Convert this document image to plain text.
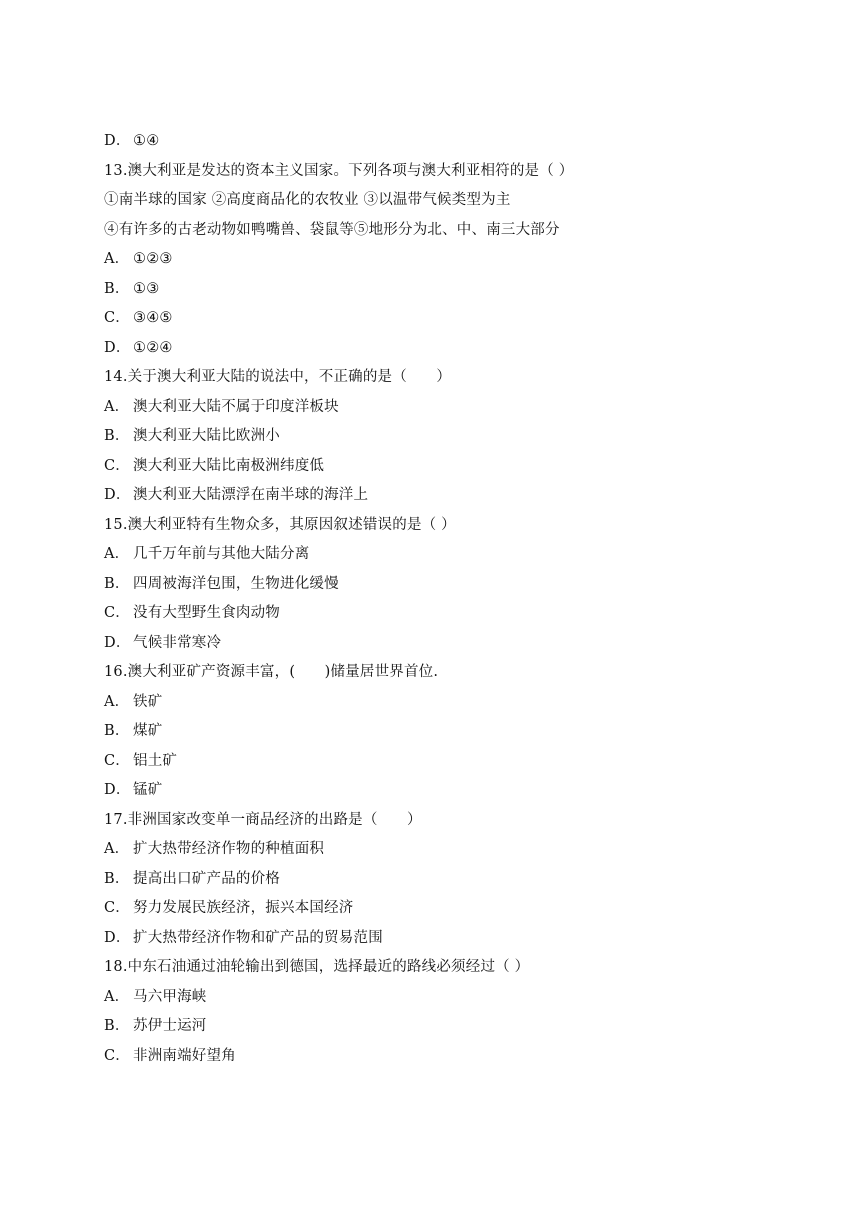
D． ①④
13.澳大利亚是发达的资本主义国家。下列各项与澳大利亚相符的是（ ）
①南半球的国家 ②高度商品化的农牧业 ③以温带气候类型为主
④有许多的古老动物如鸭嘴兽、袋鼠等⑤地形分为北、中、南三大部分
A． ①②③
B． ①③
C． ③④⑤
D． ①②④
14.关于澳大利亚大陆的说法中，不正确的是（　　）
A． 澳大利亚大陆不属于印度洋板块
B． 澳大利亚大陆比欧洲小
C． 澳大利亚大陆比南极洲纬度低
D． 澳大利亚大陆漂浮在南半球的海洋上
15.澳大利亚特有生物众多，其原因叙述错误的是（ ）
A． 几千万年前与其他大陆分离
B． 四周被海洋包围，生物进化缓慢
C． 没有大型野生食肉动物
D． 气候非常寒冷
16.澳大利亚矿产资源丰富，(　　)储量居世界首位.
A． 铁矿
B． 煤矿
C． 铝土矿
D． 锰矿
17.非洲国家改变单一商品经济的出路是（　　）
A． 扩大热带经济作物的种植面积
B． 提高出口矿产品的价格
C． 努力发展民族经济，振兴本国经济
D． 扩大热带经济作物和矿产品的贸易范围
18.中东石油通过油轮输出到德国，选择最近的路线必须经过（ ）
A． 马六甲海峡
B． 苏伊士运河
C． 非洲南端好望角
